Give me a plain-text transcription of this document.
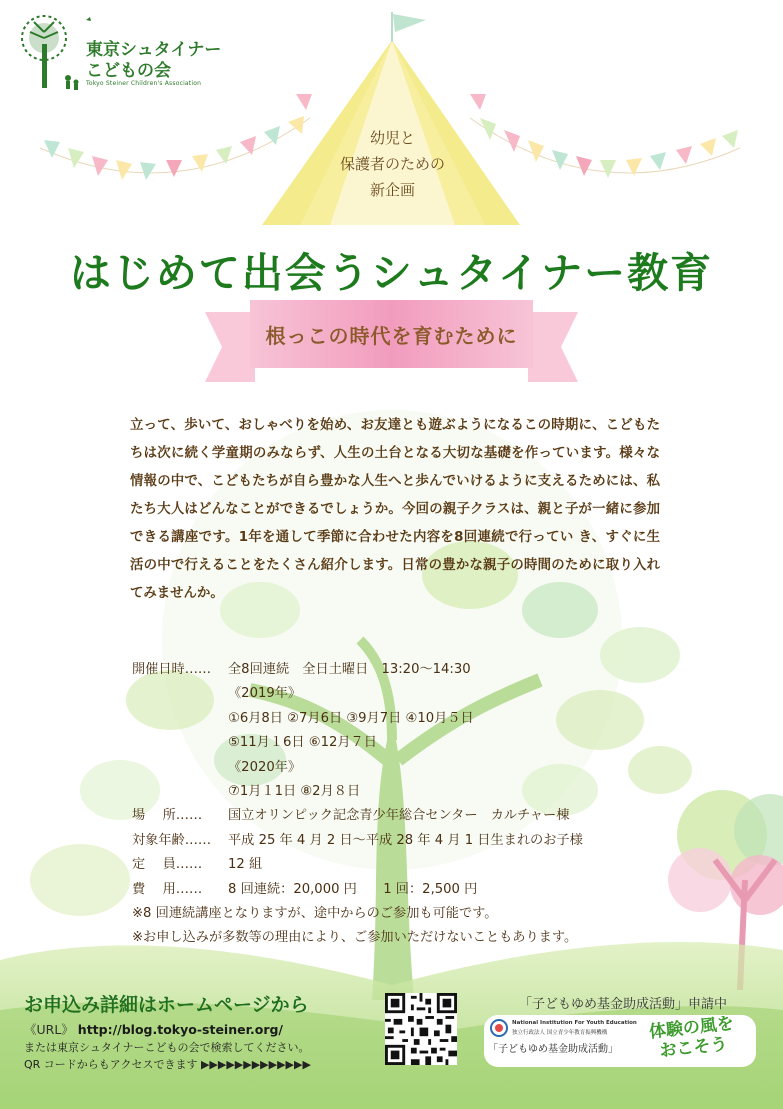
東京シュタイナー
こどもの会
Tokyo Steiner Children's Association
幼児と
保護者のための
新企画
はじめて出会うシュタイナー教育
根っこの時代を育むために
立って、歩いて、おしゃべりを始め、お友達とも遊ぶようになるこの時期に、こどもたちは次に続く学童期のみならず、人生の土台となる大切な基礎を作っています。様々な情報の中で、こどもたちが自ら豊かな人生へと歩んでいけるように支えるためには、私たち大人はどんなことができるでしょうか。今回の親子クラスは、親と子が一緒に参加できる講座です。1年を通して季節に合わせた内容を8回連続で行ってい き、すぐに生活の中で行えることをたくさん紹介します。日常の豊かな親子の時間のために取り入れてみませんか。
開催日時……	全8回連続　全日土曜日　13:20〜14:30
《2019年》
①6月8日 ②7月6日 ③9月7日 ④10月５日
⑤11月１6日 ⑥12月７日
《2020年》
⑦1月１1日 ⑧2月８日
場　 所……	国立オリンピック記念青少年総合センター　カルチャー棟
対象年齢……	平成 25 年 4 月 2 日〜平成 28 年 4 月 1 日生まれのお子様
定　 員……	12 組
費　 用……	8 回連続：20,000 円　　1 回：2,500 円
※8 回連続講座となりますが、途中からのご参加も可能です。
※お申し込みが多数等の理由により、ご参加いただけないこともあります。
お申込み詳細はホームページから
《URL》 http://blog.tokyo-steiner.org/
または東京シュタイナーこどもの会で検索してください。
QR コードからもアクセスできます ▶▶▶▶▶▶▶▶▶▶▶▶▶
「子どもゆめ基金助成活動」申請中
National Institution For Youth Education
独立行政法人 国立青少年教育振興機構
「子どもゆめ基金助成活動」
体験の風を
おこそう
